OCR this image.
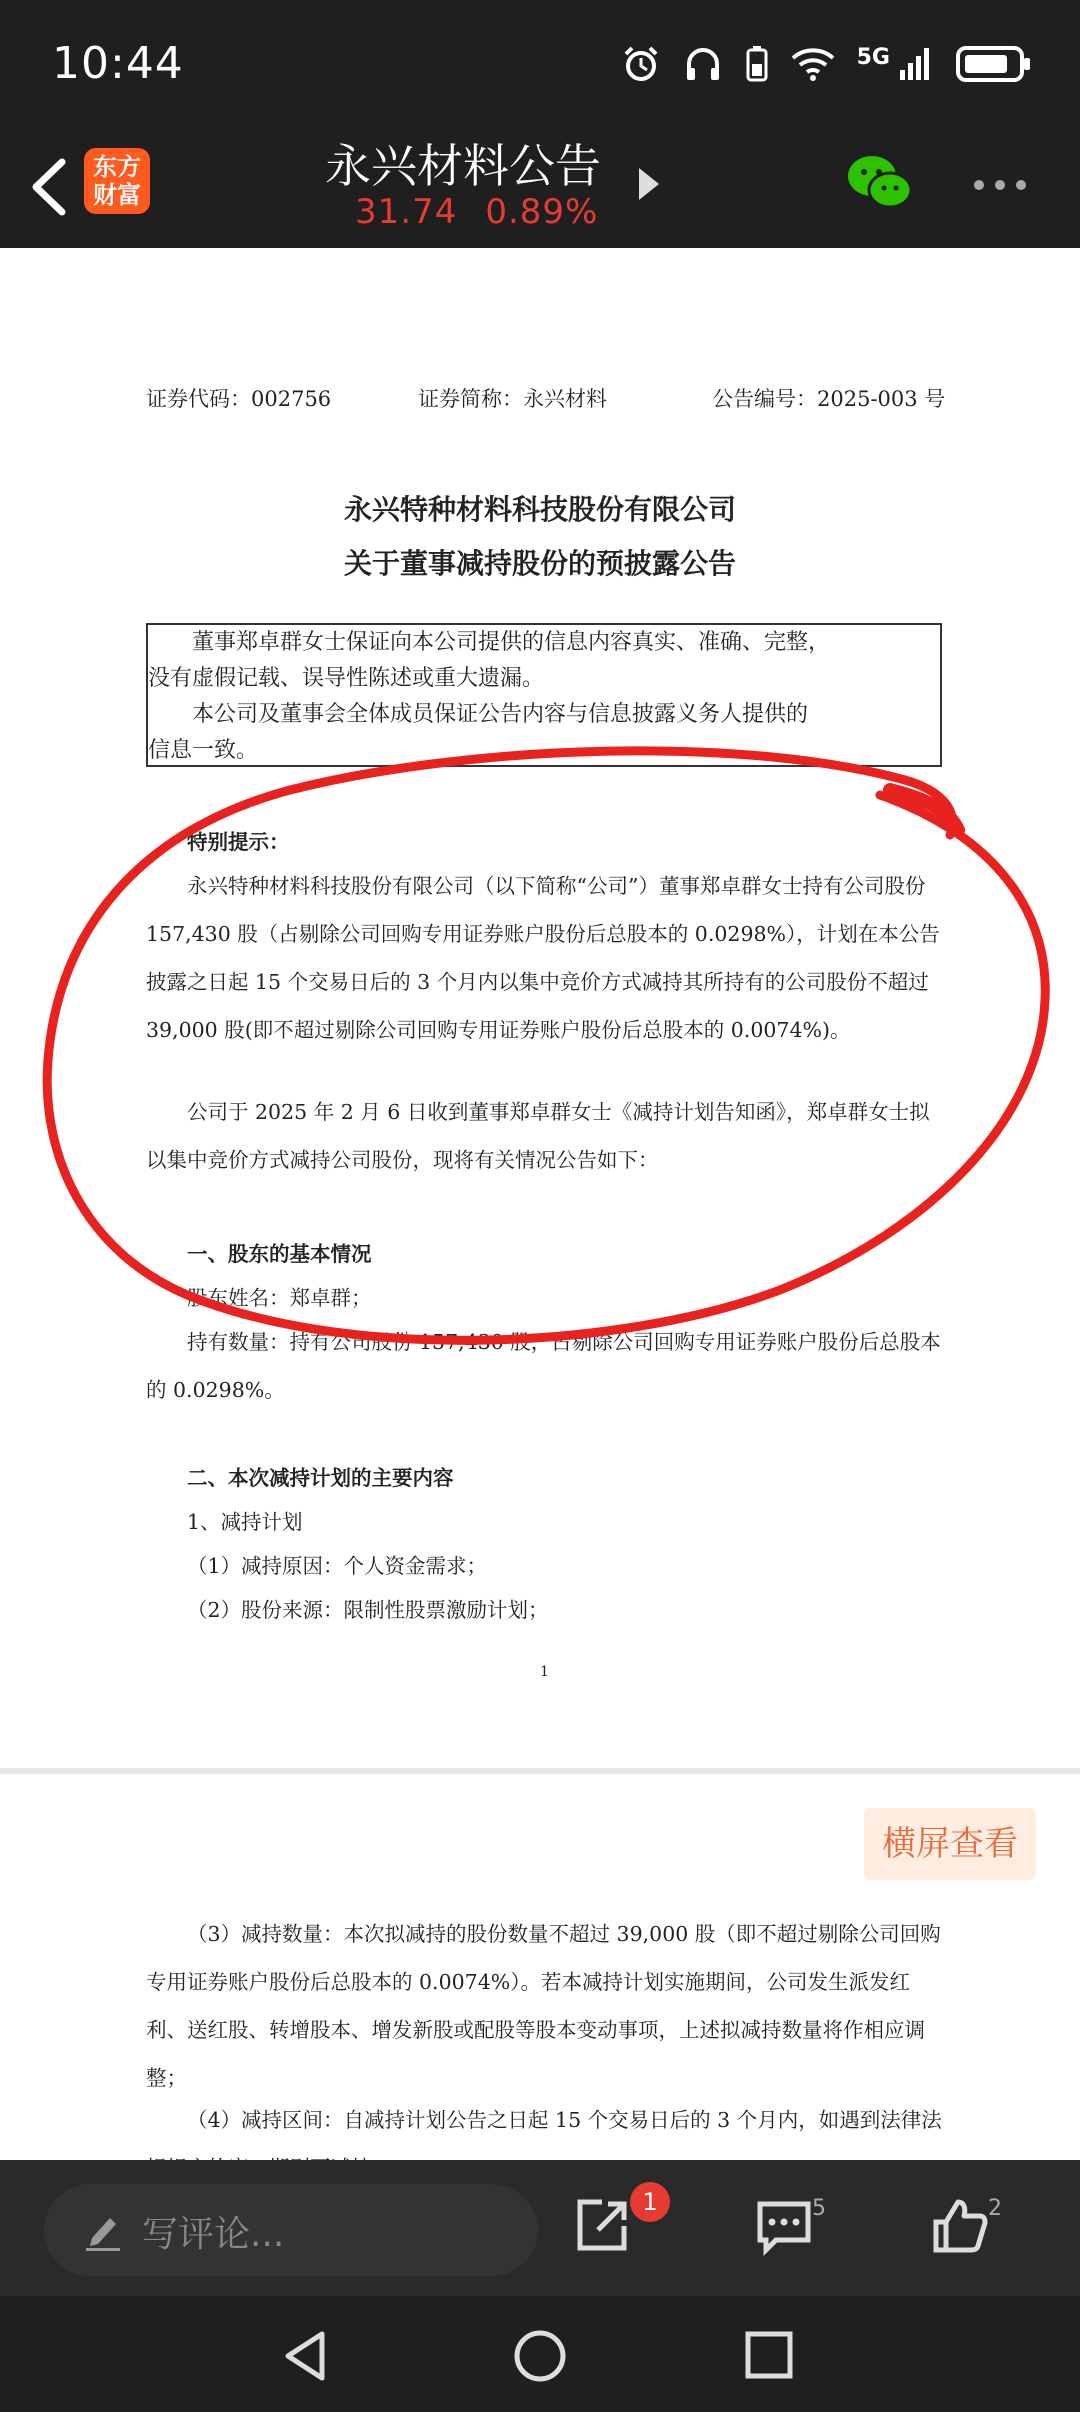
10:44	5G
东方财富
永兴材料公告
31.74 0.89%
证券代码：002756	证券简称：永兴材料	公告编号：2025-003 号
永兴特种材料科技股份有限公司
关于董事减持股份的预披露公告

董事郑卓群女士保证向本公司提供的信息内容真实、准确、完整，

没有虚假记载、误导性陈述或重大遗漏。

本公司及董事会全体成员保证公告内容与信息披露义务人提供的

信息一致。

特别提示：

永兴特种材料科技股份有限公司（以下简称“公司”）董事郑卓群女士持有公司股份 157,430 股（占剔除公司回购专用证券账户股份后总股本的 0.0298%），计划在本公告披露之日起 15 个交易日后的 3 个月内以集中竞价方式减持其所持有的公司股份不超过 39,000 股(即不超过剔除公司回购专用证券账户股份后总股本的 0.0074%)。

公司于 2025 年 2 月 6 日收到董事郑卓群女士《减持计划告知函》，郑卓群女士拟以集中竞价方式减持公司股份，现将有关情况公告如下：

一、股东的基本情况

股东姓名：郑卓群；

持有数量：持有公司股份 157,430 股，占剔除公司回购专用证券账户股份后总股本的 0.0298%。

二、本次减持计划的主要内容

1、减持计划

（1）减持原因：个人资金需求；

（2）股份来源：限制性股票激励计划；

1

（3）减持数量：本次拟减持的股份数量不超过 39,000 股（即不超过剔除公司回购专用证券账户股份后总股本的 0.0074%）。若本减持计划实施期间，公司发生派发红利、送红股、转增股本、增发新股或配股等股本变动事项，上述拟减持数量将作相应调整；

（4）减持区间：自减持计划公告之日起 15 个交易日后的 3 个月内，如遇到法律法

横屏查看
写评论...
1	5	2
